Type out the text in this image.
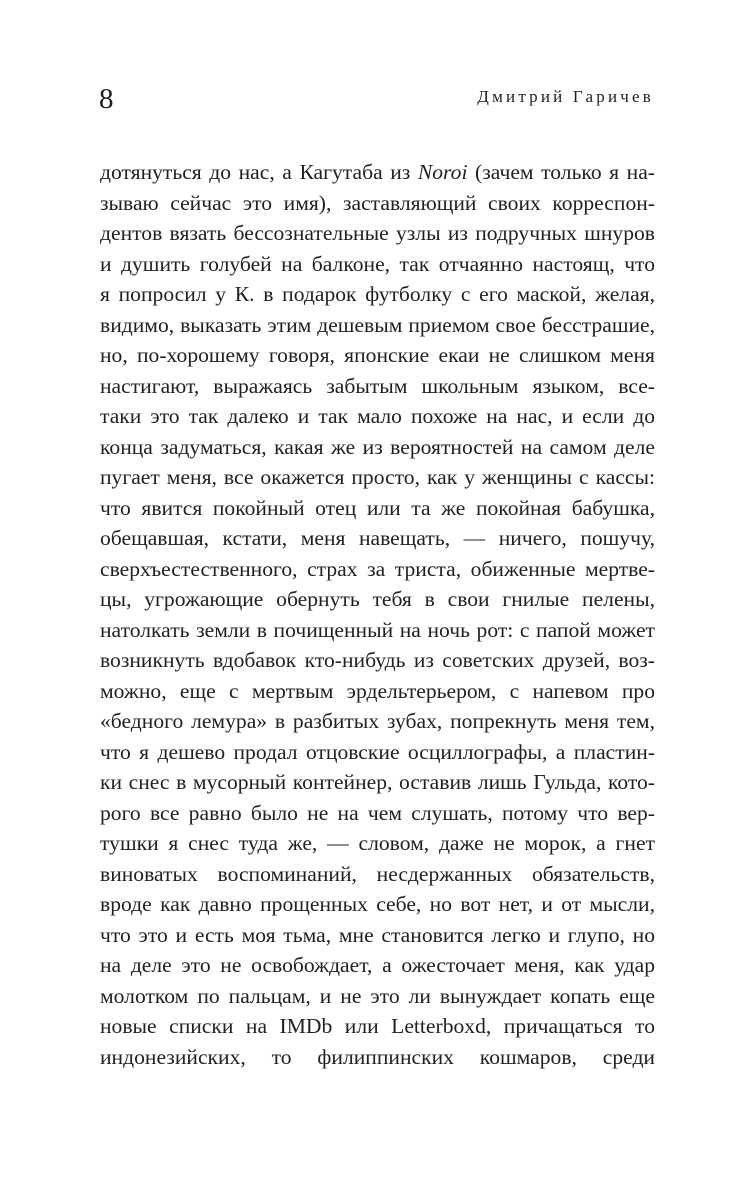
8	Дмитрий Гаричев
дотянуться до нас, а Кагутаба из Noroi (зачем только я на-
зываю сейчас это имя), заставляющий своих корреспон-
дентов вязать бессознательные узлы из подручных шнуров
и душить голубей на балконе, так отчаянно настоящ, что
я попросил у К. в подарок футболку с его маской, желая,
видимо, выказать этим дешевым приемом свое бесстрашие,
но, по-хорошему говоря, японские екаи не слишком меня
настигают, выражаясь забытым школьным языком, все-
таки это так далеко и так мало похоже на нас, и если до
конца задуматься, какая же из вероятностей на самом деле
пугает меня, все окажется просто, как у женщины с кассы:
что явится покойный отец или та же покойная бабушка,
обещавшая, кстати, меня навещать, — ничего, пошучу,
сверхъестественного, страх за триста, обиженные мертве-
цы, угрожающие обернуть тебя в свои гнилые пелены,
натолкать земли в почищенный на ночь рот: с папой может
возникнуть вдобавок кто-нибудь из советских друзей, воз-
можно, еще с мертвым эрдельтерьером, с напевом про
«бедного лемура» в разбитых зубах, попрекнуть меня тем,
что я дешево продал отцовские осциллографы, а пластин-
ки снес в мусорный контейнер, оставив лишь Гульда, кото-
рого все равно было не на чем слушать, потому что вер-
тушки я снес туда же, — словом, даже не морок, а гнет
виноватых воспоминаний, несдержанных обязательств,
вроде как давно прощенных себе, но вот нет, и от мысли,
что это и есть моя тьма, мне становится легко и глупо, но
на деле это не освобождает, а ожесточает меня, как удар
молотком по пальцам, и не это ли вынуждает копать еще
новые списки на IMDb или Letterboxd, причащаться то
индонезийских, то филиппинских кошмаров, среди
